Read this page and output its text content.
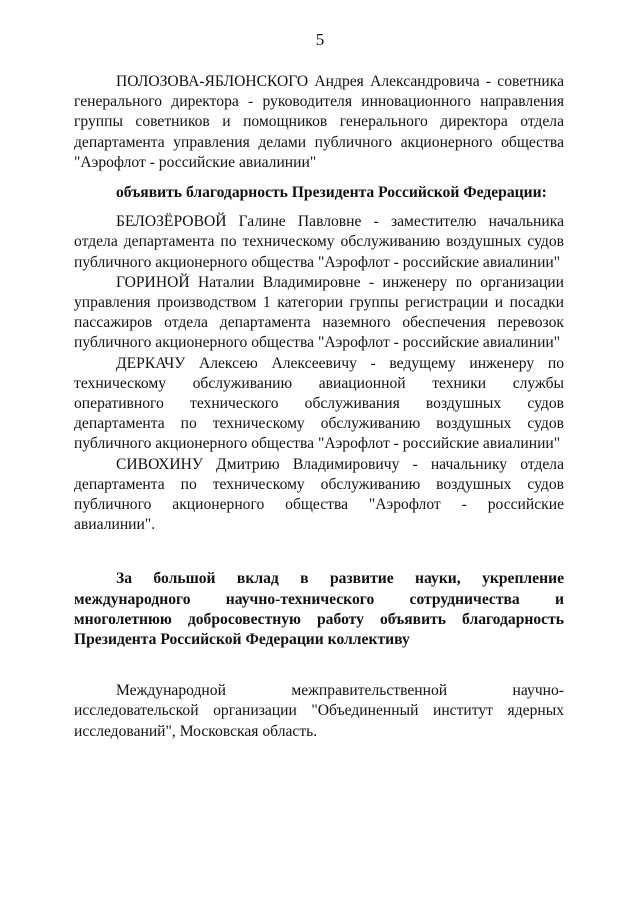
5

ПОЛОЗОВА-ЯБЛОНСКОГО Андрея Александровича - советника генерального директора - руководителя инновационного направления группы советников и помощников генерального директора отдела департамента управления делами публичного акционерного общества "Аэрофлот - российские авиалинии"

объявить благодарность Президента Российской Федерации:

БЕЛОЗЁРОВОЙ Галине Павловне - заместителю начальника отдела департамента по техническому обслуживанию воздушных судов публичного акционерного общества "Аэрофлот - российские авиалинии"

ГОРИНОЙ Наталии Владимировне - инженеру по организации управления производством 1 категории группы регистрации и посадки пассажиров отдела департамента наземного обеспечения перевозок публичного акционерного общества "Аэрофлот - российские авиалинии"

ДЕРКАЧУ Алексею Алексеевичу - ведущему инженеру по техническому обслуживанию авиационной техники службы оперативного технического обслуживания воздушных судов департамента по техническому обслуживанию воздушных судов публичного акционерного общества "Аэрофлот - российские авиалинии"

СИВОХИНУ Дмитрию Владимировичу - начальнику отдела департамента по техническому обслуживанию воздушных судов публичного акционерного общества "Аэрофлот - российские авиалинии".

За большой вклад в развитие науки, укрепление международного научно-технического сотрудничества и многолетнюю добросовестную работу объявить благодарность Президента Российской Федерации коллективу

Международной межправительственной научно-исследовательской организации "Объединенный институт ядерных исследований", Московская область.
